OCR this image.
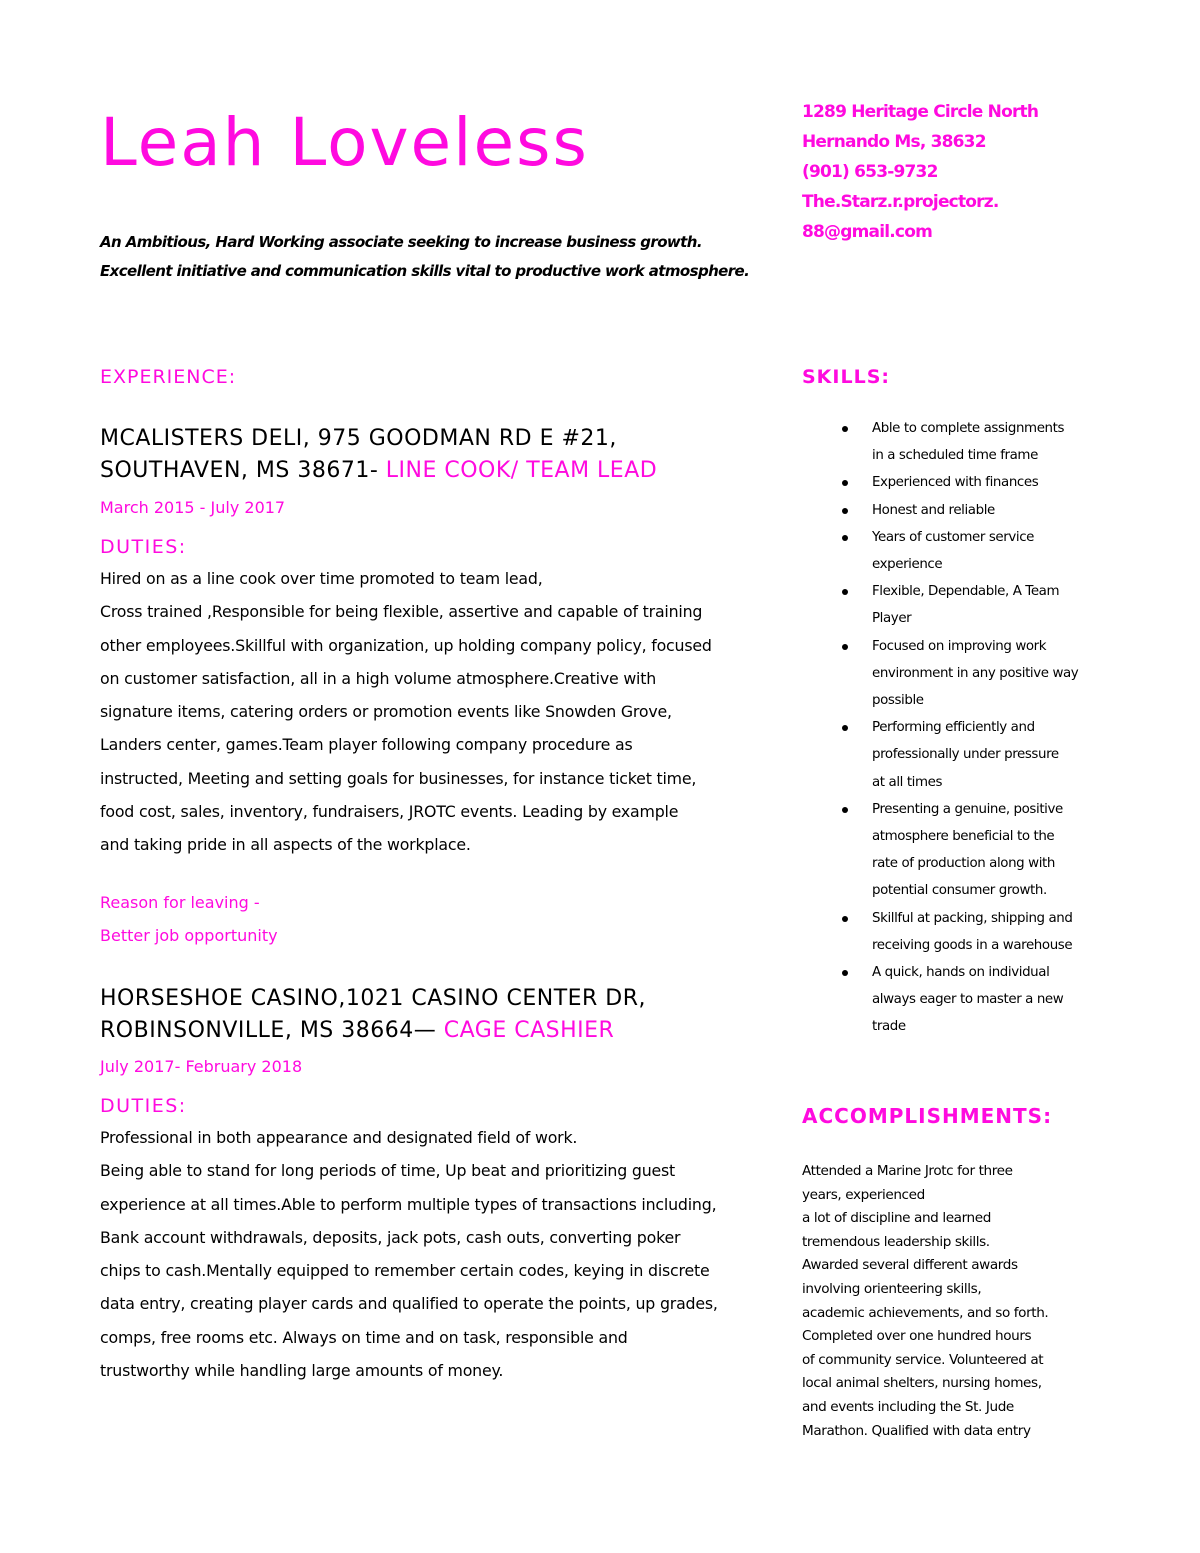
Leah Loveless
An Ambitious, Hard Working associate seeking to increase business growth.
Excellent initiative and communication skills vital to productive work atmosphere.
1289 Heritage Circle North
Hernando Ms, 38632
(901) 653-9732
The.Starz.r.projectorz.
88@gmail.com
EXPERIENCE:
MCALISTERS DELI, 975 GOODMAN RD E #21,
SOUTHAVEN, MS 38671- LINE COOK/ TEAM LEAD
March 2015 - July 2017
DUTIES:
Hired on as a line cook over time promoted to team lead,
Cross trained ,Responsible for being flexible, assertive and capable of training
other employees.Skillful with organization, up holding company policy, focused
on customer satisfaction, all in a high volume atmosphere.Creative with
signature items, catering orders or promotion events like Snowden Grove,
Landers center, games.Team player following company procedure as
instructed, Meeting and setting goals for businesses, for instance ticket time,
food cost, sales, inventory, fundraisers, JROTC events. Leading by example
and taking pride in all aspects of the workplace.
Reason for leaving -
Better job opportunity
HORSESHOE CASINO,1021 CASINO CENTER DR,
ROBINSONVILLE, MS 38664— CAGE CASHIER
July 2017- February 2018
DUTIES:
Professional in both appearance and designated field of work.
Being able to stand for long periods of time, Up beat and prioritizing guest
experience at all times.Able to perform multiple types of transactions including,
Bank account withdrawals, deposits, jack pots, cash outs, converting poker
chips to cash.Mentally equipped to remember certain codes, keying in discrete
data entry, creating player cards and qualified to operate the points, up grades,
comps, free rooms etc. Always on time and on task, responsible and
trustworthy while handling large amounts of money.
SKILLS:
Able to complete assignments
in a scheduled time frame
Experienced with finances
Honest and reliable
Years of customer service
experience
Flexible, Dependable, A Team
Player
Focused on improving work
environment in any positive way
possible
Performing efficiently and
professionally under pressure
at all times
Presenting a genuine, positive
atmosphere beneficial to the
rate of production along with
potential consumer growth.
Skillful at packing, shipping and
receiving goods in a warehouse
A quick, hands on individual
always eager to master a new
trade
ACCOMPLISHMENTS:
Attended a Marine Jrotc for three
years, experienced
a lot of discipline and learned
tremendous leadership skills.
Awarded several different awards
involving orienteering skills,
academic achievements, and so forth.
Completed over one hundred hours
of community service. Volunteered at
local animal shelters, nursing homes,
and events including the St. Jude
Marathon. Qualified with data entry
